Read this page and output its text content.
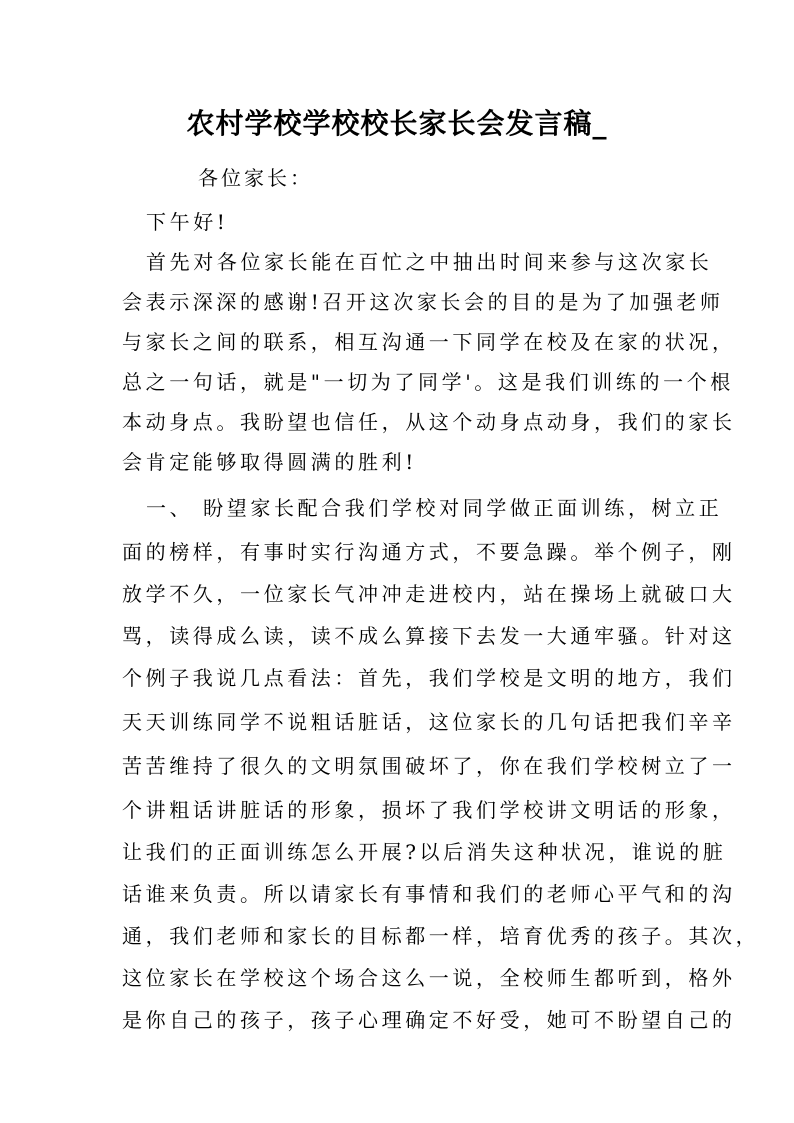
农村学校学校校长家长会发言稿_
各位家长：
下午好!
首先对各位家长能在百忙之中抽出时间来参与这次家长
会表示深深的感谢!召开这次家长会的目的是为了加强老师
与家长之间的联系，相互沟通一下同学在校及在家的状况，
总之一句话，就是"一切为了同学'。这是我们训练的一个根
本动身点。我盼望也信任，从这个动身点动身，我们的家长
会肯定能够取得圆满的胜利!
一、 盼望家长配合我们学校对同学做正面训练，树立正
面的榜样，有事时实行沟通方式，不要急躁。举个例子，刚
放学不久，一位家长气冲冲走进校内，站在操场上就破口大
骂，读得成么读，读不成么算接下去发一大通牢骚。针对这
个例子我说几点看法：首先，我们学校是文明的地方，我们
天天训练同学不说粗话脏话，这位家长的几句话把我们辛辛
苦苦维持了很久的文明氛围破坏了，你在我们学校树立了一
个讲粗话讲脏话的形象，损坏了我们学校讲文明话的形象，
让我们的正面训练怎么开展?以后消失这种状况，谁说的脏
话谁来负责。所以请家长有事情和我们的老师心平气和的沟
通，我们老师和家长的目标都一样，培育优秀的孩子。其次，
这位家长在学校这个场合这么一说，全校师生都听到，格外
是你自己的孩子，孩子心理确定不好受，她可不盼望自己的
